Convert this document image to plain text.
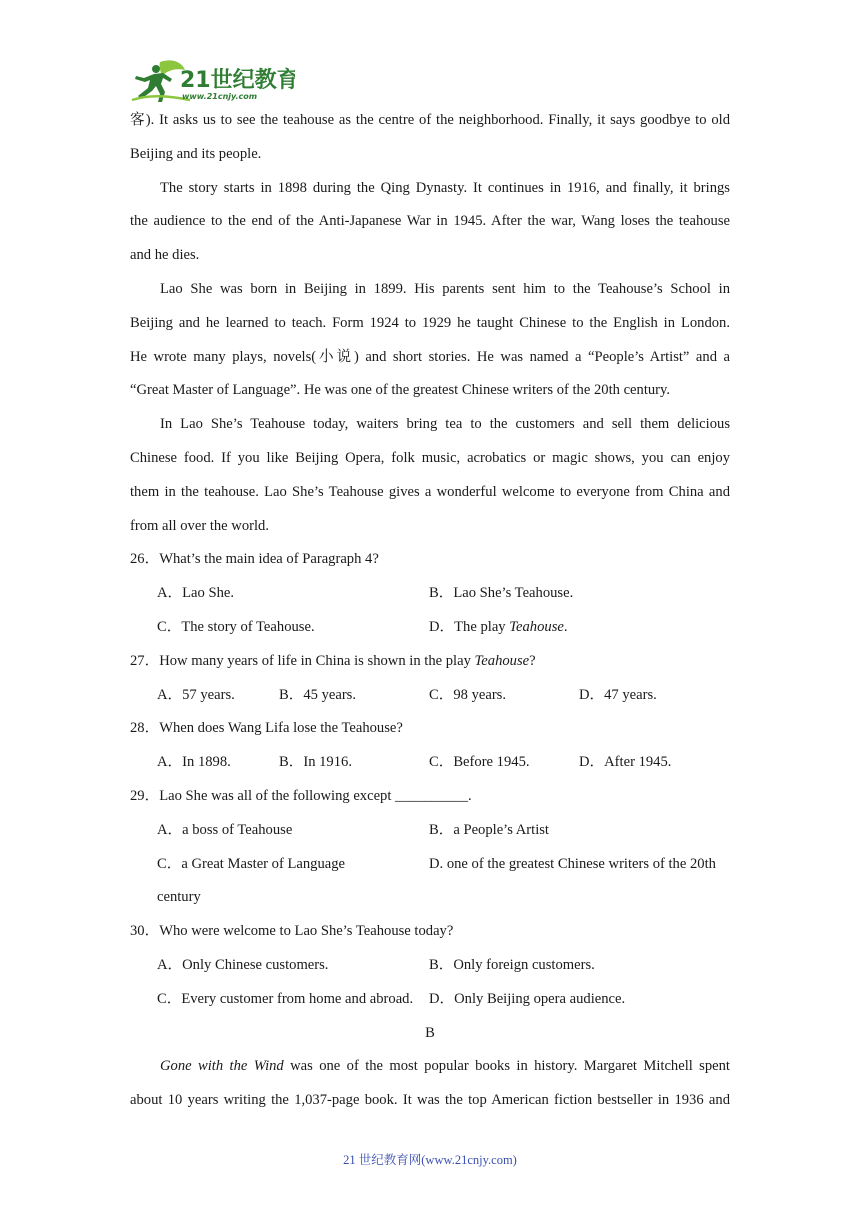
21世纪教育
www.21cnjy.com
客). It asks us to see the teahouse as the centre of the neighborhood. Finally, it says goodbye to old
Beijing and its people.
The story starts in 1898 during the Qing Dynasty. It continues in 1916, and finally, it brings
the audience to the end of the Anti-Japanese War in 1945. After the war, Wang loses the teahouse
and he dies.
Lao She was born in Beijing in 1899. His parents sent him to the Teahouse’s School in
Beijing and he learned to teach. Form 1924 to 1929 he taught Chinese to the English in London.
He wrote many plays, novels(小说) and short stories. He was named a “People’s Artist” and a
“Great Master of Language”. He was one of the greatest Chinese writers of the 20th century.
In Lao She’s Teahouse today, waiters bring tea to the customers and sell them delicious
Chinese food. If you like Beijing Opera, folk music, acrobatics or magic shows, you can enjoy
them in the teahouse. Lao She’s Teahouse gives a wonderful welcome to everyone from China and
from all over the world.
26．What’s the main idea of Paragraph 4?
A．Lao She.	B．Lao She’s Teahouse.
C．The story of Teahouse.	D．The play Teahouse.
27．How many years of life in China is shown in the play Teahouse?
A．57 years.	B．45 years.	C．98 years.	D．47 years.
28．When does Wang Lifa lose the Teahouse?
A．In 1898.	B．In 1916.	C．Before 1945.	D．After 1945.
29．Lao She was all of the following except __________.
A．a boss of Teahouse	B．a People’s Artist
C．a Great Master of Language	D. one of the greatest Chinese writers of the 20th
century
30．Who were welcome to Lao She’s Teahouse today?
A．Only Chinese customers.	B．Only foreign customers.
C．Every customer from home and abroad.	D．Only Beijing opera audience.
B
Gone with the Wind was one of the most popular books in history. Margaret Mitchell spent
about 10 years writing the 1,037-page book. It was the top American fiction bestseller in 1936 and
21 世纪教育网(www.21cnjy.com)
